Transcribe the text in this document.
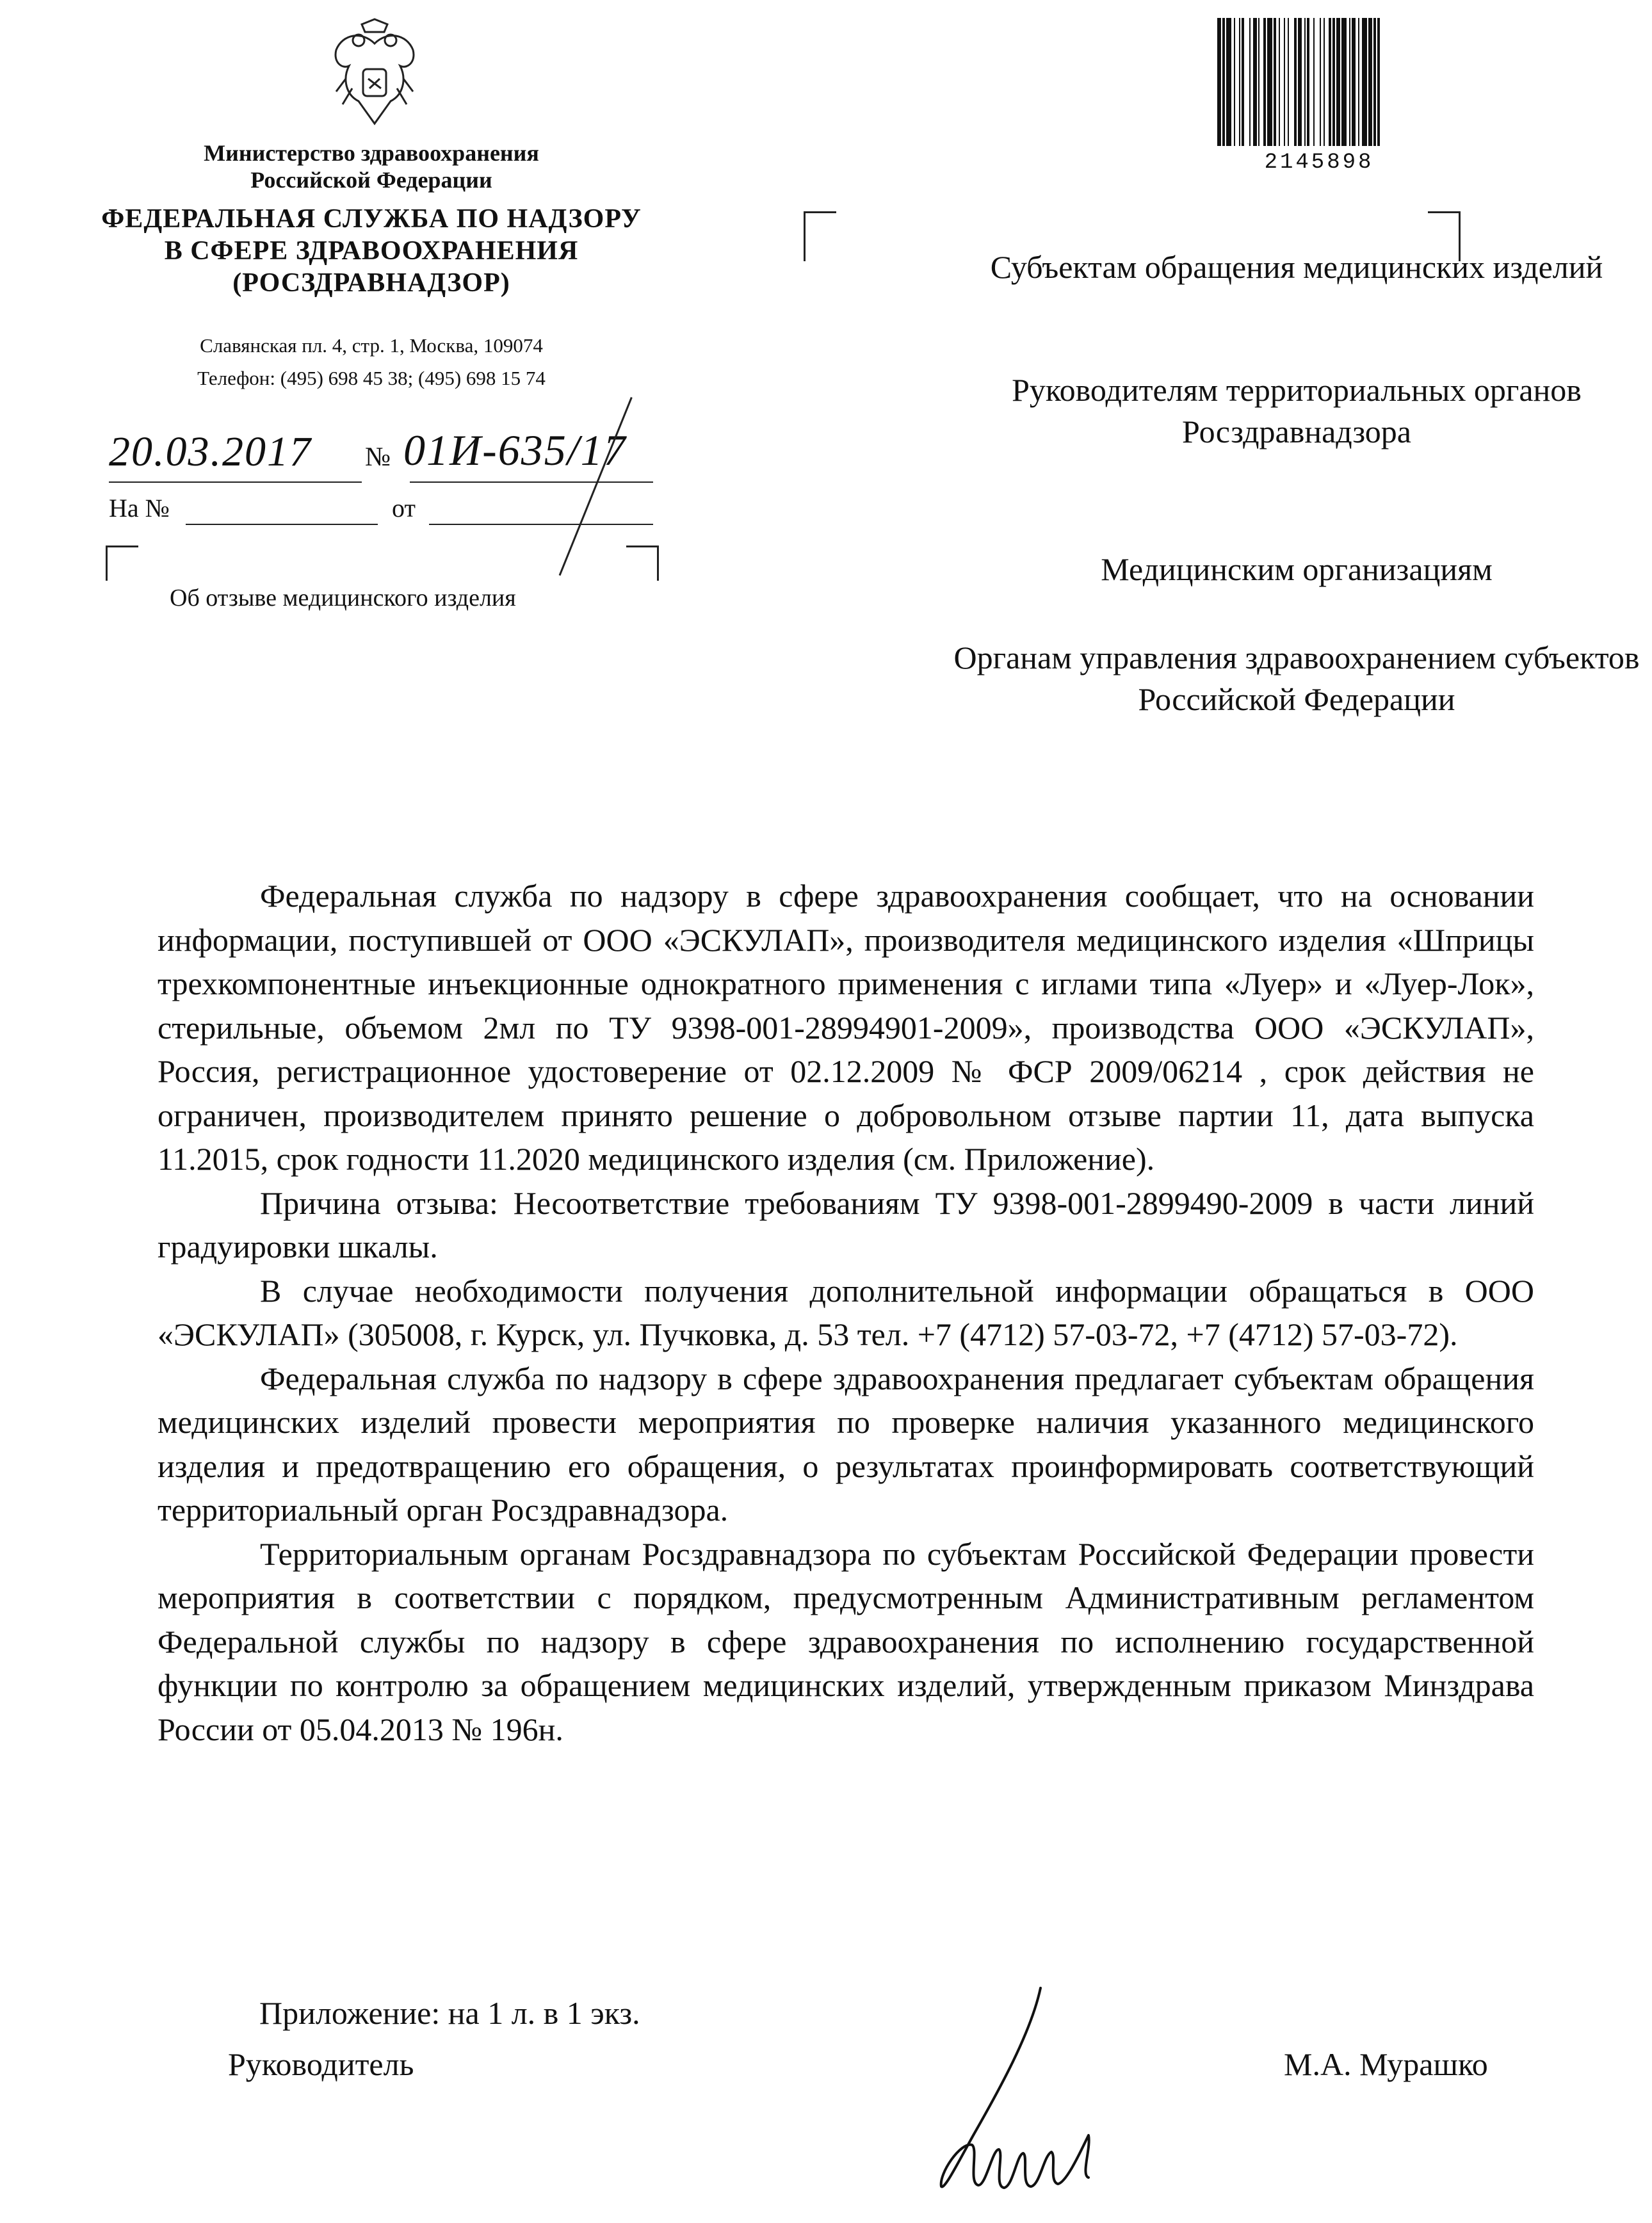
Министерство здравоохранения
Российской Федерации
ФЕДЕРАЛЬНАЯ СЛУЖБА ПО НАДЗОРУ
В СФЕРЕ ЗДРАВООХРАНЕНИЯ
(РОСЗДРАВНАДЗОР)
Славянская пл. 4, стр. 1, Москва, 109074
Телефон: (495) 698 45 38; (495) 698 15 74
20.03.2017 № 01И-635/17
На №	от
Об отзыве медицинского изделия
2145898
Субъектам обращения медицинских изделий
Руководителям территориальных органов Росздравнадзора
Медицинским организациям
Органам управления здравоохранением субъектов Российской Федерации

Федеральная служба по надзору в сфере здравоохранения сообщает, что на основании информации, поступившей от ООО «ЭСКУЛАП», производителя медицинского изделия «Шприцы трехкомпонентные инъекционные однократного применения с иглами типа «Луер» и «Луер-Лок», стерильные, объемом 2мл по ТУ 9398-001-28994901-2009», производства ООО «ЭСКУЛАП», Россия, регистрационное удостоверение от 02.12.2009 № ФСР 2009/06214 , срок действия не ограничен, производителем принято решение о добровольном отзыве партии 11, дата выпуска 11.2015, срок годности 11.2020 медицинского изделия (см. Приложение).

Причина отзыва: Несоответствие требованиям ТУ 9398-001-2899490-2009 в части линий градуировки шкалы.

В случае необходимости получения дополнительной информации обращаться в ООО «ЭСКУЛАП» (305008, г. Курск, ул. Пучковка, д. 53 тел. +7 (4712) 57-03-72, +7 (4712) 57-03-72).

Федеральная служба по надзору в сфере здравоохранения предлагает субъектам обращения медицинских изделий провести мероприятия по проверке наличия указанного медицинского изделия и предотвращению его обращения, о результатах проинформировать соответствующий территориальный орган Росздравнадзора.

Территориальным органам Росздравнадзора по субъектам Российской Федерации провести мероприятия в соответствии с порядком, предусмотренным Административным регламентом Федеральной службы по надзору в сфере здравоохранения по исполнению государственной функции по контролю за обращением медицинских изделий, утвержденным приказом Минздрава России от 05.04.2013 № 196н.

Приложение: на 1 л. в 1 экз.
Руководитель	М.А. Мурашко
